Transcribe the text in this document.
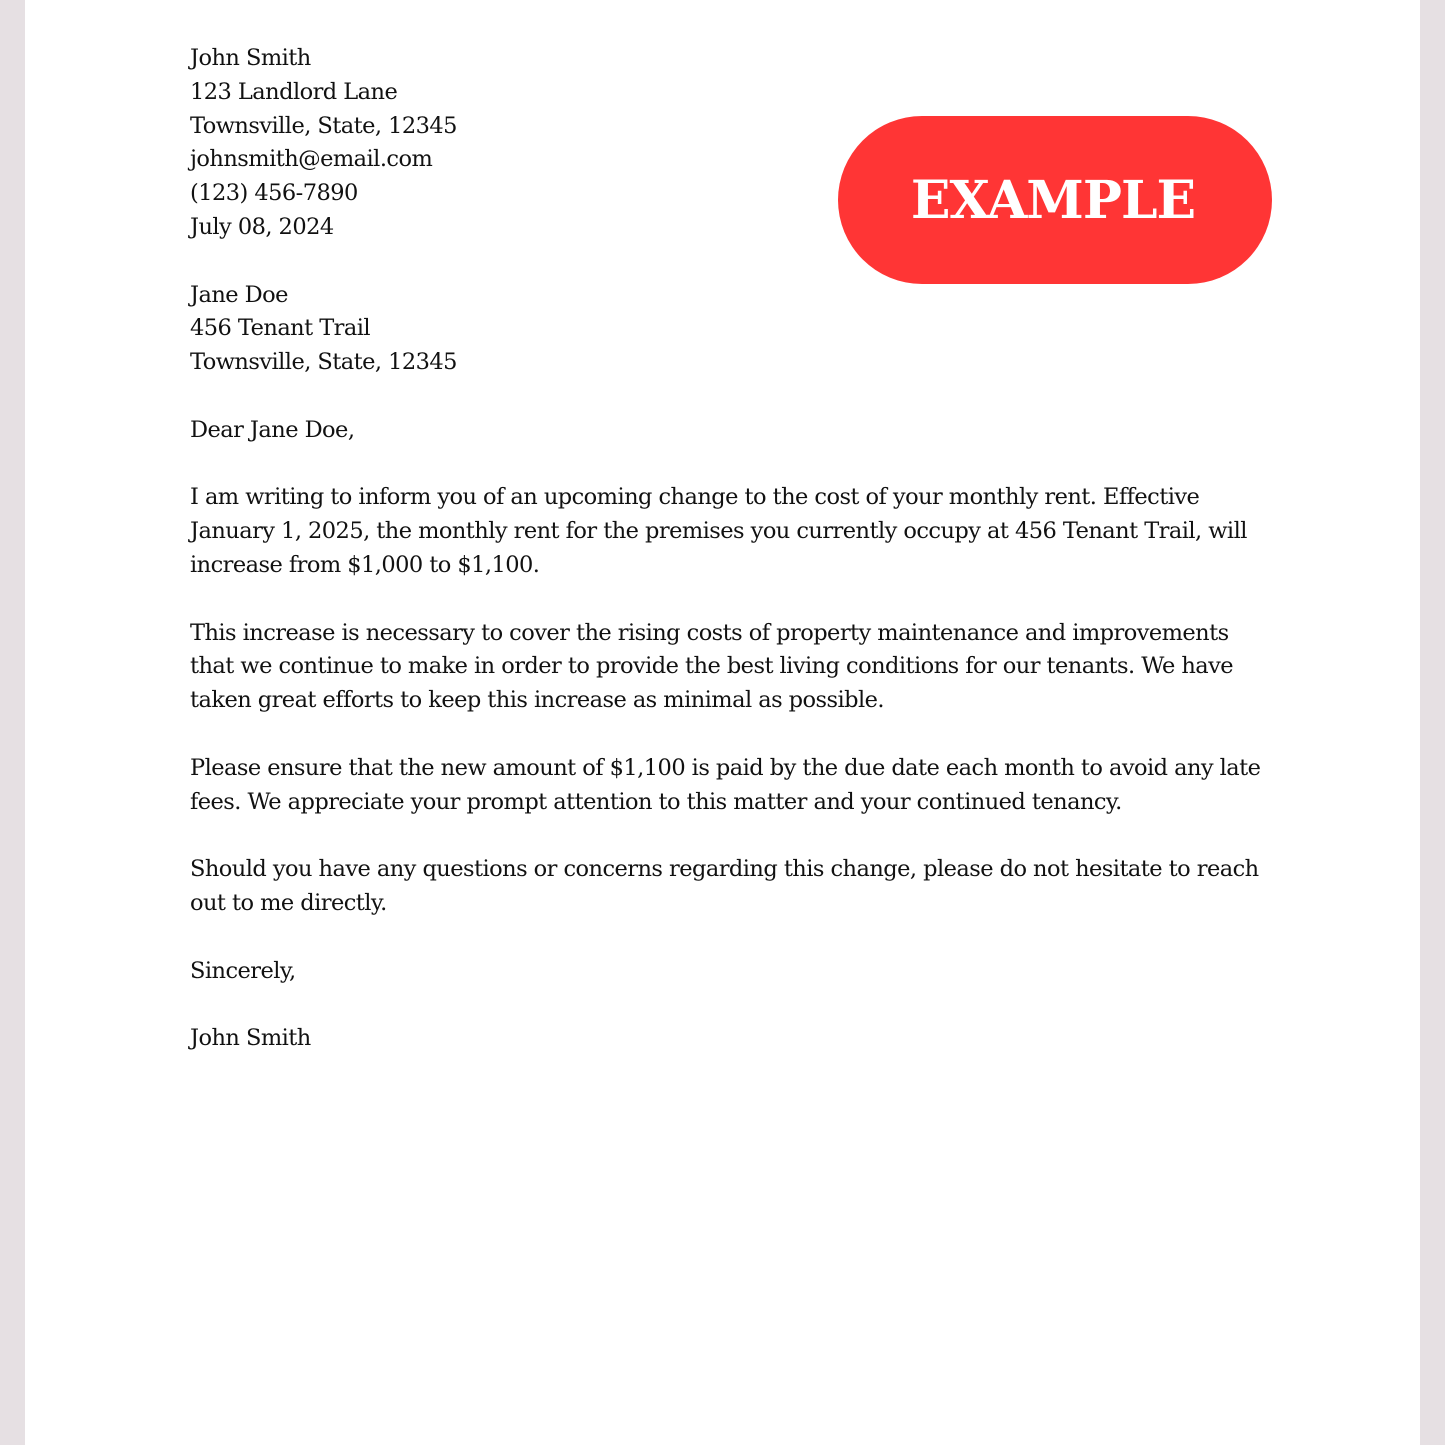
John Smith
123 Landlord Lane
Townsville, State, 12345
johnsmith@email.com
(123) 456-7890
July 08, 2024
Jane Doe
456 Tenant Trail
Townsville, State, 12345
Dear Jane Doe,
I am writing to inform you of an upcoming change to the cost of your monthly rent. Effective January 1, 2025, the monthly rent for the premises you currently occupy at 456 Tenant Trail, will increase from $1,000 to $1,100.
This increase is necessary to cover the rising costs of property maintenance and improvements that we continue to make in order to provide the best living conditions for our tenants. We have taken great efforts to keep this increase as minimal as possible.
Please ensure that the new amount of $1,100 is paid by the due date each month to avoid any late fees. We appreciate your prompt attention to this matter and your continued tenancy.
Should you have any questions or concerns regarding this change, please do not hesitate to reach out to me directly.
Sincerely,
John Smith
EXAMPLE
